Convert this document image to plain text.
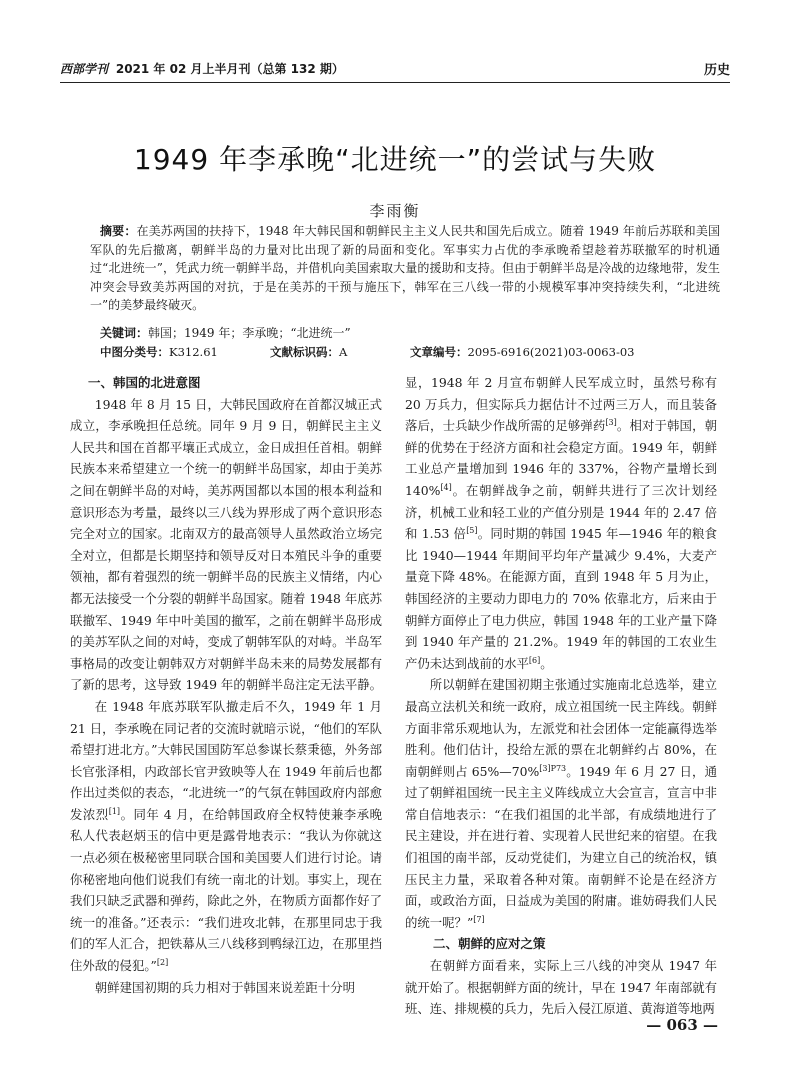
西部学刊 2021 年 02 月上半月刊（总第 132 期）	历史
1949 年李承晚“北进统一”的尝试与失败
李雨衡
摘要：在美苏两国的扶持下，1948 年大韩民国和朝鲜民主主义人民共和国先后成立。随着 1949 年前后苏联和美国军队的先后撤离，朝鲜半岛的力量对比出现了新的局面和变化。军事实力占优的李承晚希望趁着苏联撤军的时机通过“北进统一”，凭武力统一朝鲜半岛，并借机向美国索取大量的援助和支持。但由于朝鲜半岛是冷战的边缘地带，发生冲突会导致美苏两国的对抗，于是在美苏的干预与施压下，韩军在三八线一带的小规模军事冲突持续失利，“北进统一”的美梦最终破灭。
关键词：韩国；1949 年；李承晚；“北进统一”
中图分类号：K312.61	文献标识码：A	文章编号：2095-6916(2021)03-0063-03
一、韩国的北进意图

1948 年 8 月 15 日，大韩民国政府在首都汉城正式成立，李承晚担任总统。同年 9 月 9 日，朝鲜民主主义人民共和国在首都平壤正式成立，金日成担任首相。朝鲜民族本来希望建立一个统一的朝鲜半岛国家，却由于美苏之间在朝鲜半岛的对峙，美苏两国都以本国的根本利益和意识形态为考量，最终以三八线为界形成了两个意识形态完全对立的国家。北南双方的最高领导人虽然政治立场完全对立，但都是长期坚持和领导反对日本殖民斗争的重要领袖，都有着强烈的统一朝鲜半岛的民族主义情绪，内心都无法接受一个分裂的朝鲜半岛国家。随着 1948 年底苏联撤军、1949 年中叶美国的撤军，之前在朝鲜半岛形成的美苏军队之间的对峙，变成了朝韩军队的对峙。半岛军事格局的改变让朝韩双方对朝鲜半岛未来的局势发展都有了新的思考，这导致 1949 年的朝鲜半岛注定无法平静。

在 1948 年底苏联军队撤走后不久，1949 年 1 月 21 日，李承晚在同记者的交流时就暗示说，“他们的军队希望打进北方。”大韩民国国防军总参谋长蔡秉德，外务部长官张泽相，内政部长官尹致映等人在 1949 年前后也都作出过类似的表态，“北进统一”的气氛在韩国政府内部愈发浓烈[1]。同年 4 月，在给韩国政府全权特使兼李承晚私人代表赵炳玉的信中更是露骨地表示：“我认为你就这一点必须在极秘密里同联合国和美国要人们进行讨论。请你秘密地向他们说我们有统一南北的计划。事实上，现在我们只缺乏武器和弹药，除此之外，在物质方面都作好了统一的准备。”还表示：“我们进攻北韩，在那里同忠于我们的军人汇合，把铁幕从三八线移到鸭绿江边，在那里挡住外敌的侵犯。”[2]

朝鲜建国初期的兵力相对于韩国来说差距十分明

显，1948 年 2 月宣布朝鲜人民军成立时，虽然号称有 20 万兵力，但实际兵力据估计不过两三万人，而且装备落后，士兵缺少作战所需的足够弹药[3]。相对于韩国，朝鲜的优势在于经济方面和社会稳定方面。1949 年，朝鲜工业总产量增加到 1946 年的 337%，谷物产量增长到 140%[4]。在朝鲜战争之前，朝鲜共进行了三次计划经济，机械工业和轻工业的产值分别是 1944 年的 2.47 倍和 1.53 倍[5]。同时期的韩国 1945 年—1946 年的粮食比 1940—1944 年期间平均年产量减少 9.4%，大麦产量竟下降 48%。在能源方面，直到 1948 年 5 月为止，韩国经济的主要动力即电力的 70% 依靠北方，后来由于朝鲜方面停止了电力供应，韩国 1948 年的工业产量下降到 1940 年产量的 21.2%。1949 年的韩国的工农业生产仍未达到战前的水平[6]。

所以朝鲜在建国初期主张通过实施南北总选举，建立最高立法机关和统一政府，成立祖国统一民主阵线。朝鲜方面非常乐观地认为，左派党和社会团体一定能赢得选举胜利。他们估计，投给左派的票在北朝鲜约占 80%，在南朝鲜则占 65%—70%$^{[3]P73}$。1949 年 6 月 27 日，通过了朝鲜祖国统一民主主义阵线成立大会宣言，宣言中非常自信地表示：“在我们祖国的北半部，有成绩地进行了民主建设，并在进行着、实现着人民世纪来的宿望。在我们祖国的南半部，反动党徒们，为建立自己的统治权，镇压民主力量，采取着各种对策。南朝鲜不论是在经济方面，或政治方面，日益成为美国的附庸。谁妨碍我们人民的统一呢？”[7]

二、朝鲜的应对之策

在朝鲜方面看来，实际上三八线的冲突从 1947 年就开始了。根据朝鲜方面的统计，早在 1947 年南部就有班、连、排规模的兵力，先后入侵江原道、黄海道等地两

— 063 —
